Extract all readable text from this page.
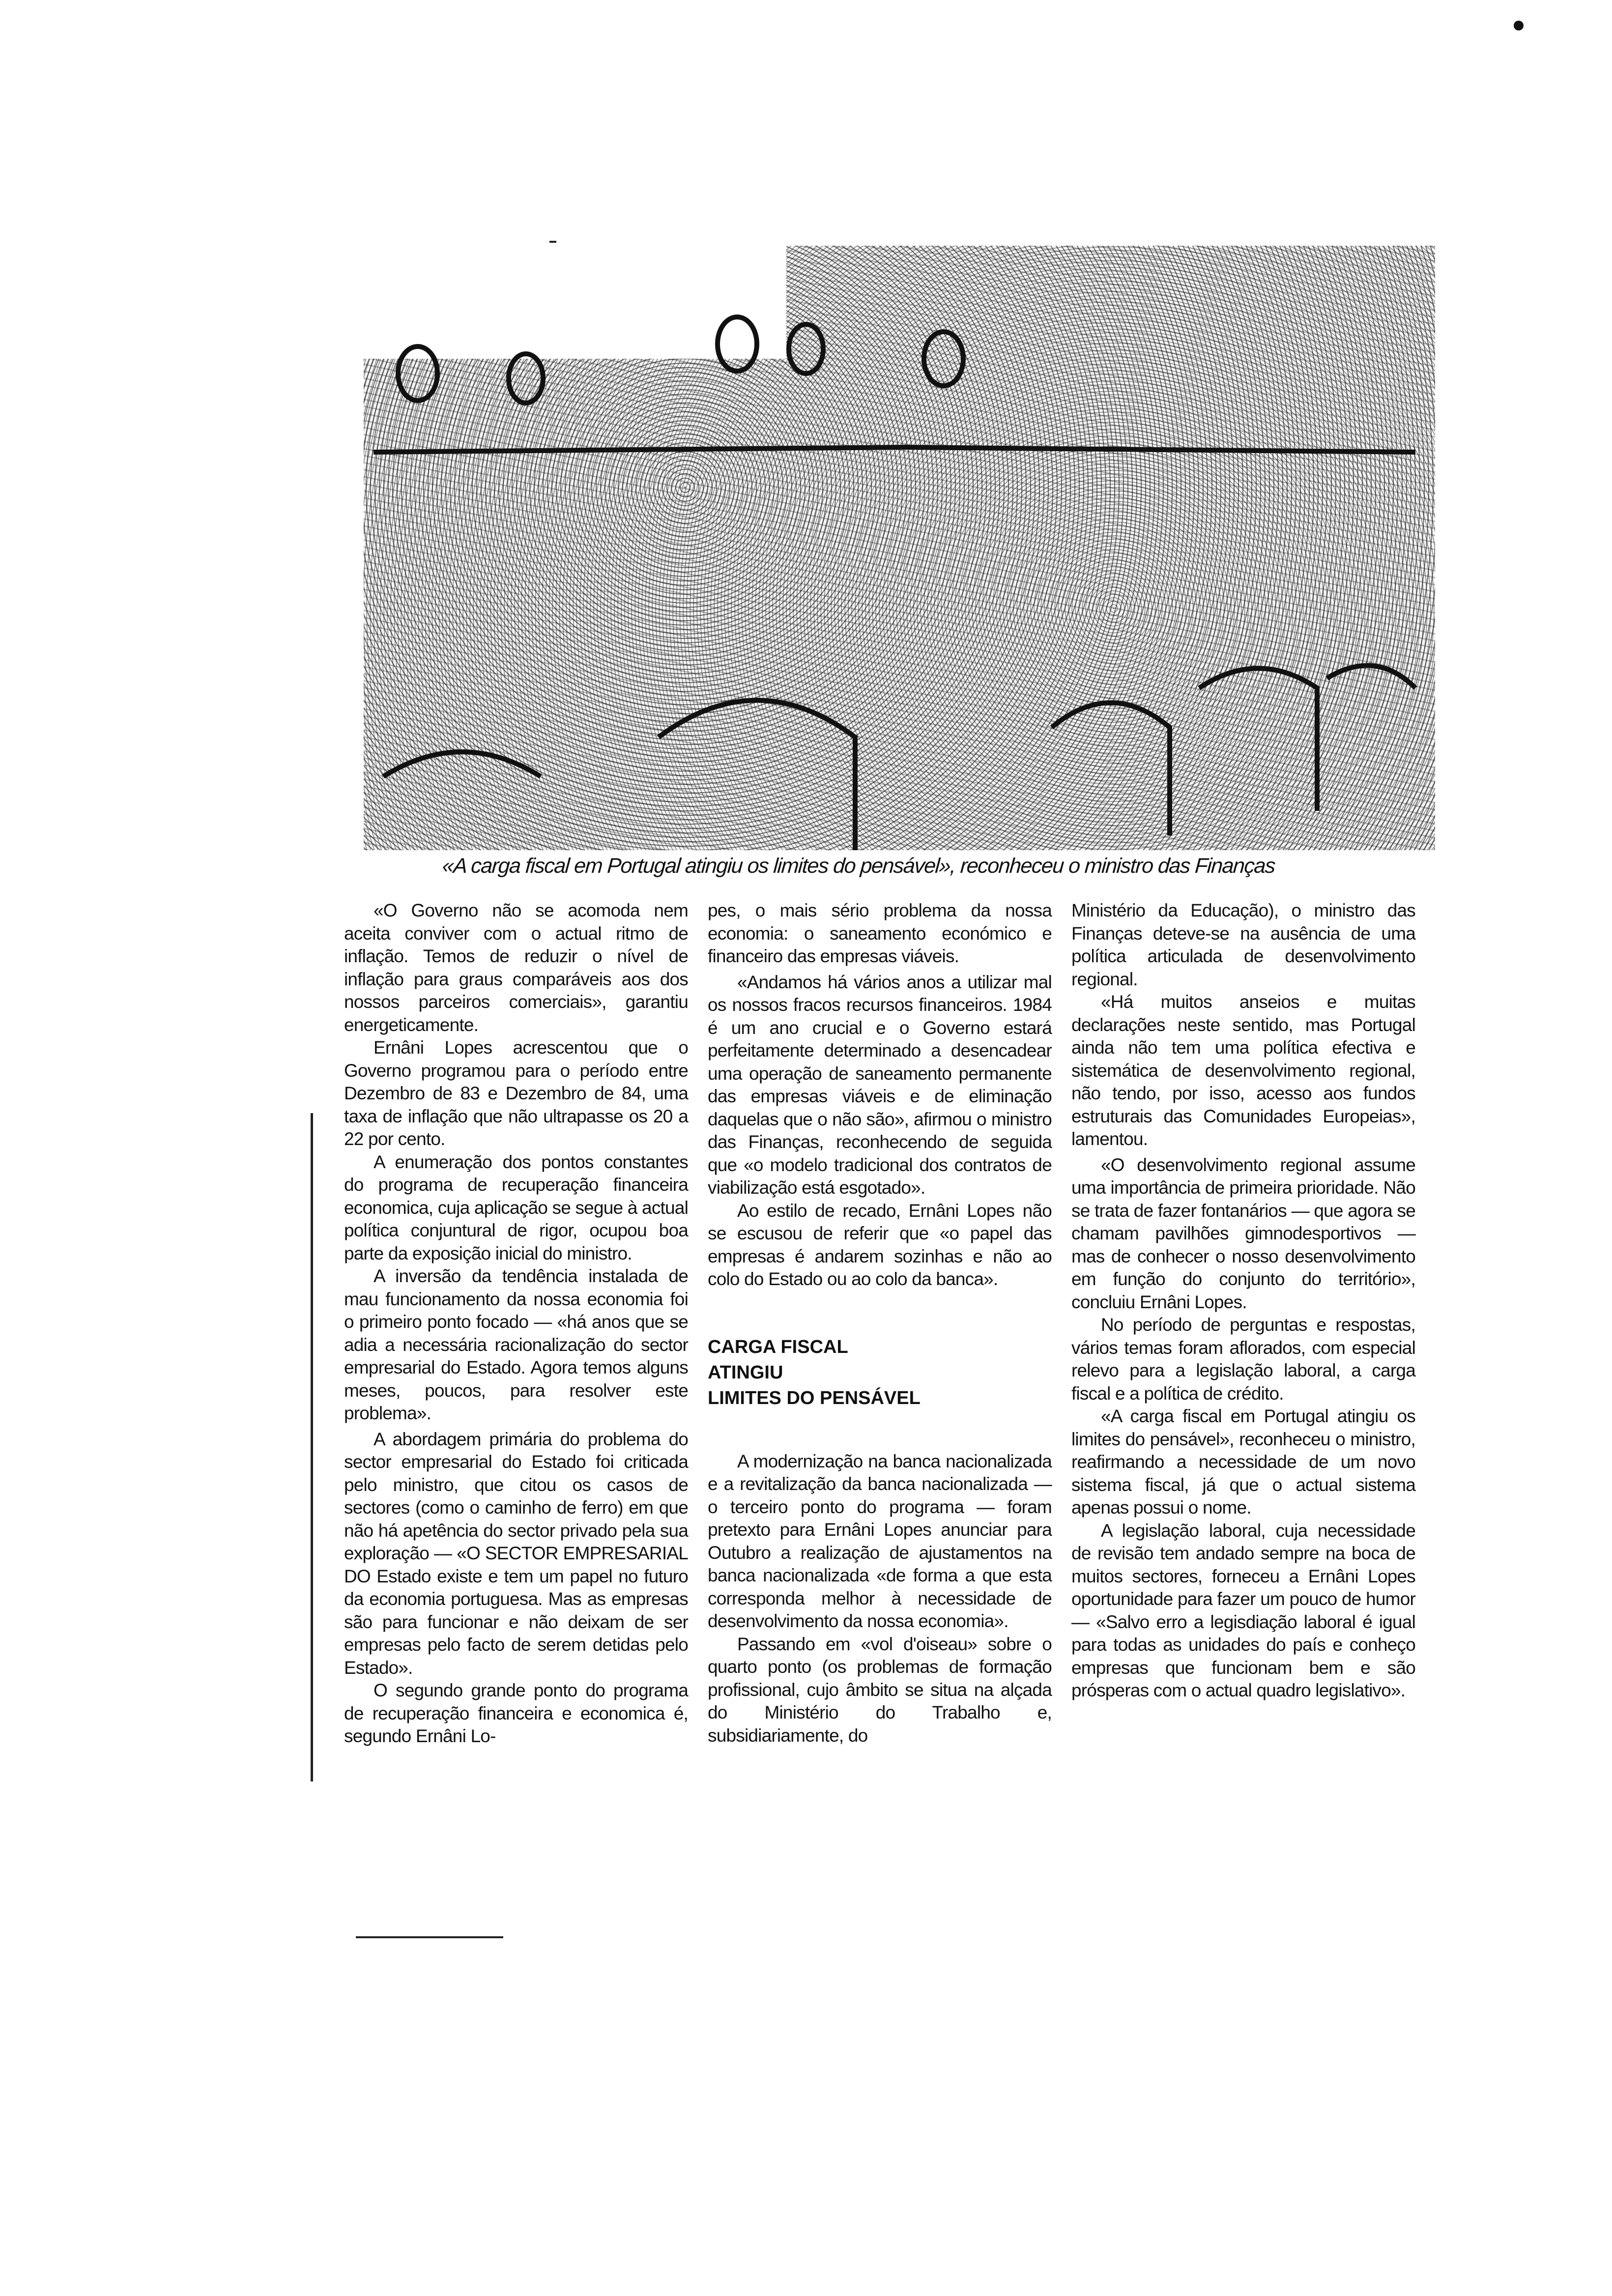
«A carga fiscal em Portugal atingiu os limites do pensável», reconheceu o ministro das Finanças

«O Governo não se acomoda nem aceita conviver com o actual ritmo de inflação. Temos de reduzir o nível de inflação para graus comparáveis aos dos nossos parceiros comerciais», garantiu energeticamente.

Ernâni Lopes acrescentou que o Governo programou para o período entre Dezembro de 83 e Dezembro de 84, uma taxa de inflação que não ultrapasse os 20 a 22 por cento.

A enumeração dos pontos constantes do programa de recuperação financeira economica, cuja aplicação se segue à actual política conjuntural de rigor, ocupou boa parte da exposição inicial do ministro.

A inversão da tendência instalada de mau funcionamento da nossa economia foi o primeiro ponto focado — «há anos que se adia a necessária racionalização do sector empresarial do Estado. Agora temos alguns meses, poucos, para resolver este problema».

A abordagem primária do problema do sector empresarial do Estado foi criticada pelo ministro, que citou os casos de sectores (como o caminho de ferro) em que não há apetência do sector privado pela sua exploração — «O SECTOR EMPRESARIAL DO Estado existe e tem um papel no futuro da economia portuguesa. Mas as empresas são para funcionar e não deixam de ser empresas pelo facto de serem detidas pelo Estado».

O segundo grande ponto do programa de recuperação financeira e economica é, segundo Ernâni Lo-

pes, o mais sério problema da nossa economia: o saneamento económico e financeiro das empresas viáveis.

«Andamos há vários anos a utilizar mal os nossos fracos recursos financeiros. 1984 é um ano crucial e o Governo estará perfeitamente determinado a desencadear uma operação de saneamento permanente das empresas viáveis e de eliminação daquelas que o não são», afirmou o ministro das Finanças, reconhecendo de seguida que «o modelo tradicional dos contratos de viabilização está esgotado».

Ao estilo de recado, Ernâni Lopes não se escusou de referir que «o papel das empresas é andarem sozinhas e não ao colo do Estado ou ao colo da banca».

CARGA FISCAL
ATINGIU
LIMITES DO PENSÁVEL

A modernização na banca nacionalizada e a revitalização da banca nacionalizada — o terceiro ponto do programa — foram pretexto para Ernâni Lopes anunciar para Outubro a realização de ajustamentos na banca nacionalizada «de forma a que esta corresponda melhor à necessidade de desenvolvimento da nossa economia».

Passando em «vol d'oiseau» sobre o quarto ponto (os problemas de formação profissional, cujo âmbito se situa na alçada do Ministério do Trabalho e, subsidiariamente, do

Ministério da Educação), o ministro das Finanças deteve-se na ausência de uma política articulada de desenvolvimento regional.

«Há muitos anseios e muitas declarações neste sentido, mas Portugal ainda não tem uma política efectiva e sistemática de desenvolvimento regional, não tendo, por isso, acesso aos fundos estruturais das Comunidades Europeias», lamentou.

«O desenvolvimento regional assume uma importância de primeira prioridade. Não se trata de fazer fontanários — que agora se chamam pavilhões gimnodesportivos — mas de conhecer o nosso desenvolvimento em função do conjunto do território», concluiu Ernâni Lopes.

No período de perguntas e respostas, vários temas foram aflorados, com especial relevo para a legislação laboral, a carga fiscal e a política de crédito.

«A carga fiscal em Portugal atingiu os limites do pensável», reconheceu o ministro, reafirmando a necessidade de um novo sistema fiscal, já que o actual sistema apenas possui o nome.

A legislação laboral, cuja necessidade de revisão tem andado sempre na boca de muitos sectores, forneceu a Ernâni Lopes oportunidade para fazer um pouco de humor — «Salvo erro a legisdiação laboral é igual para todas as unidades do país e conheço empresas que funcionam bem e são prósperas com o actual quadro legislativo».
